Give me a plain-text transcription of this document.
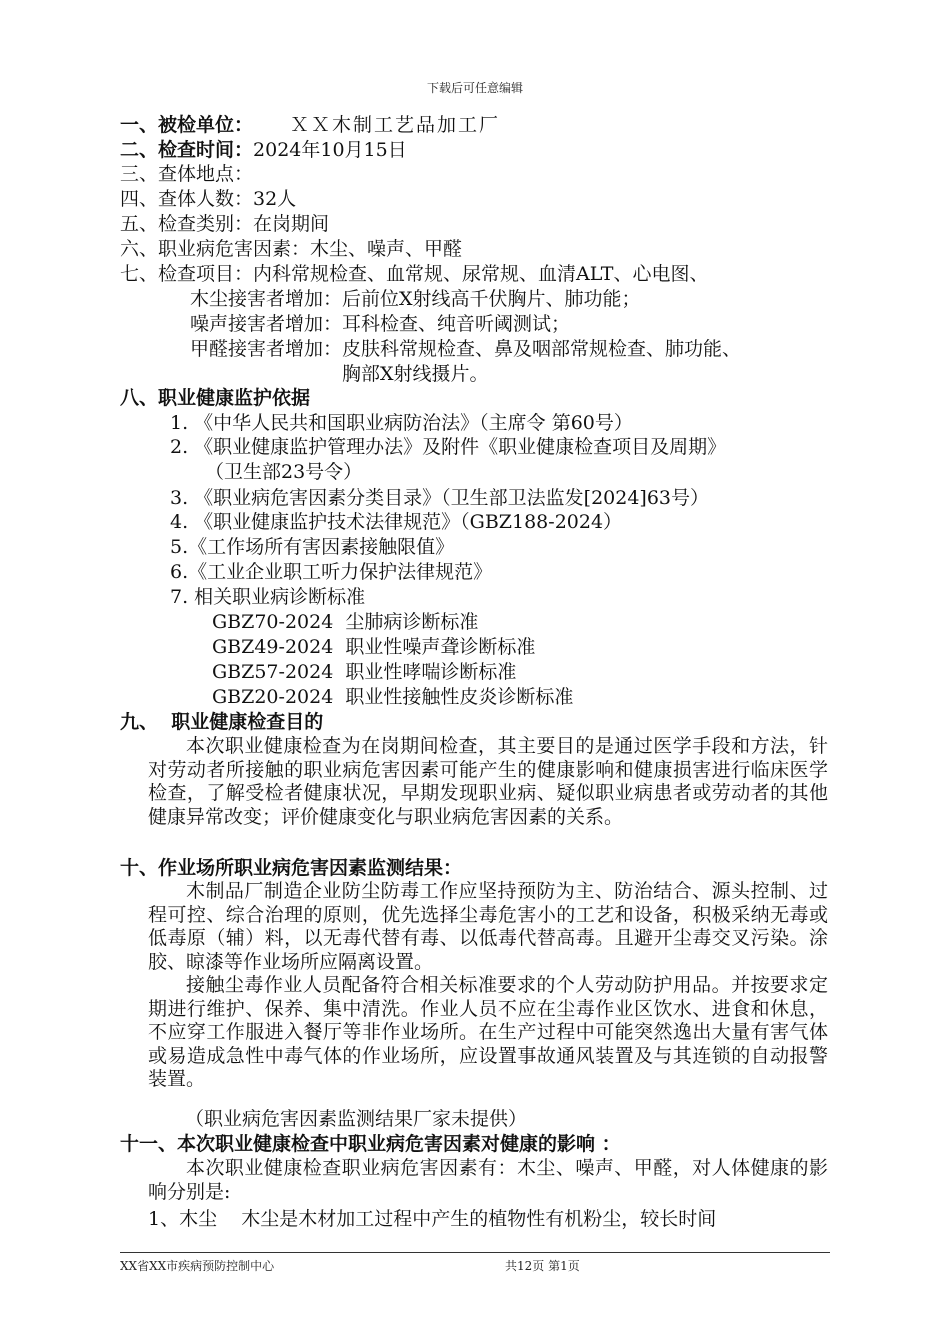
下载后可任意编辑
一、被检单位： ＸＸ木制工艺品加工厂
二、检查时间：2024年10月15日
三、查体地点：
四、查体人数：32人
五、检查类别：在岗期间
六、职业病危害因素：木尘、噪声、甲醛
七、检查项目：内科常规检查、血常规、尿常规、血清ALT、心电图、
木尘接害者增加：后前位X射线高千伏胸片、肺功能；
噪声接害者增加：耳科检查、纯音听阈测试；
甲醛接害者增加：皮肤科常规检查、鼻及咽部常规检查、肺功能、
胸部X射线摄片。
八、职业健康监护依据
1. 《中华人民共和国职业病防治法》（主席令 第60号）
2. 《职业健康监护管理办法》及附件《职业健康检查项目及周期》
（卫生部23号令）
3. 《职业病危害因素分类目录》（卫生部卫法监发[2024]63号）
4. 《职业健康监护技术法律规范》（GBZ188-2024）
5.《工作场所有害因素接触限值》
6.《工业企业职工听力保护法律规范》
7. 相关职业病诊断标准
GBZ70-2024  尘肺病诊断标准
GBZ49-2024  职业性噪声聋诊断标准
GBZ57-2024  职业性哮喘诊断标准
GBZ20-2024  职业性接触性皮炎诊断标准
九、  职业健康检查目的

本次职业健康检查为在岗期间检查，其主要目的是通过医学手段和方法，针对劳动者所接触的职业病危害因素可能产生的健康影响和健康损害进行临床医学检查，了解受检者健康状况，早期发现职业病、疑似职业病患者或劳动者的其他健康异常改变；评价健康变化与职业病危害因素的关系。

十、作业场所职业病危害因素监测结果：

木制品厂制造企业防尘防毒工作应坚持预防为主、防治结合、源头控制、过程可控、综合治理的原则，优先选择尘毒危害小的工艺和设备，积极采纳无毒或低毒原（辅）料，以无毒代替有毒、以低毒代替高毒。且避开尘毒交叉污染。涂胶、晾漆等作业场所应隔离设置。

接触尘毒作业人员配备符合相关标准要求的个人劳动防护用品。并按要求定期进行维护、保养、集中清洗。作业人员不应在尘毒作业区饮水、进食和休息，不应穿工作服进入餐厅等非作业场所。在生产过程中可能突然逸出大量有害气体或易造成急性中毒气体的作业场所，应设置事故通风装置及与其连锁的自动报警装置。

（职业病危害因素监测结果厂家未提供）
十一、本次职业健康检查中职业病危害因素对健康的影响 ：

本次职业健康检查职业病危害因素有：木尘、噪声、甲醛，对人体健康的影响分别是:

1、木尘    木尘是木材加工过程中产生的植物性有机粉尘，较长时间
XX省XX市疾病预防控制中心	共12页 第1页
